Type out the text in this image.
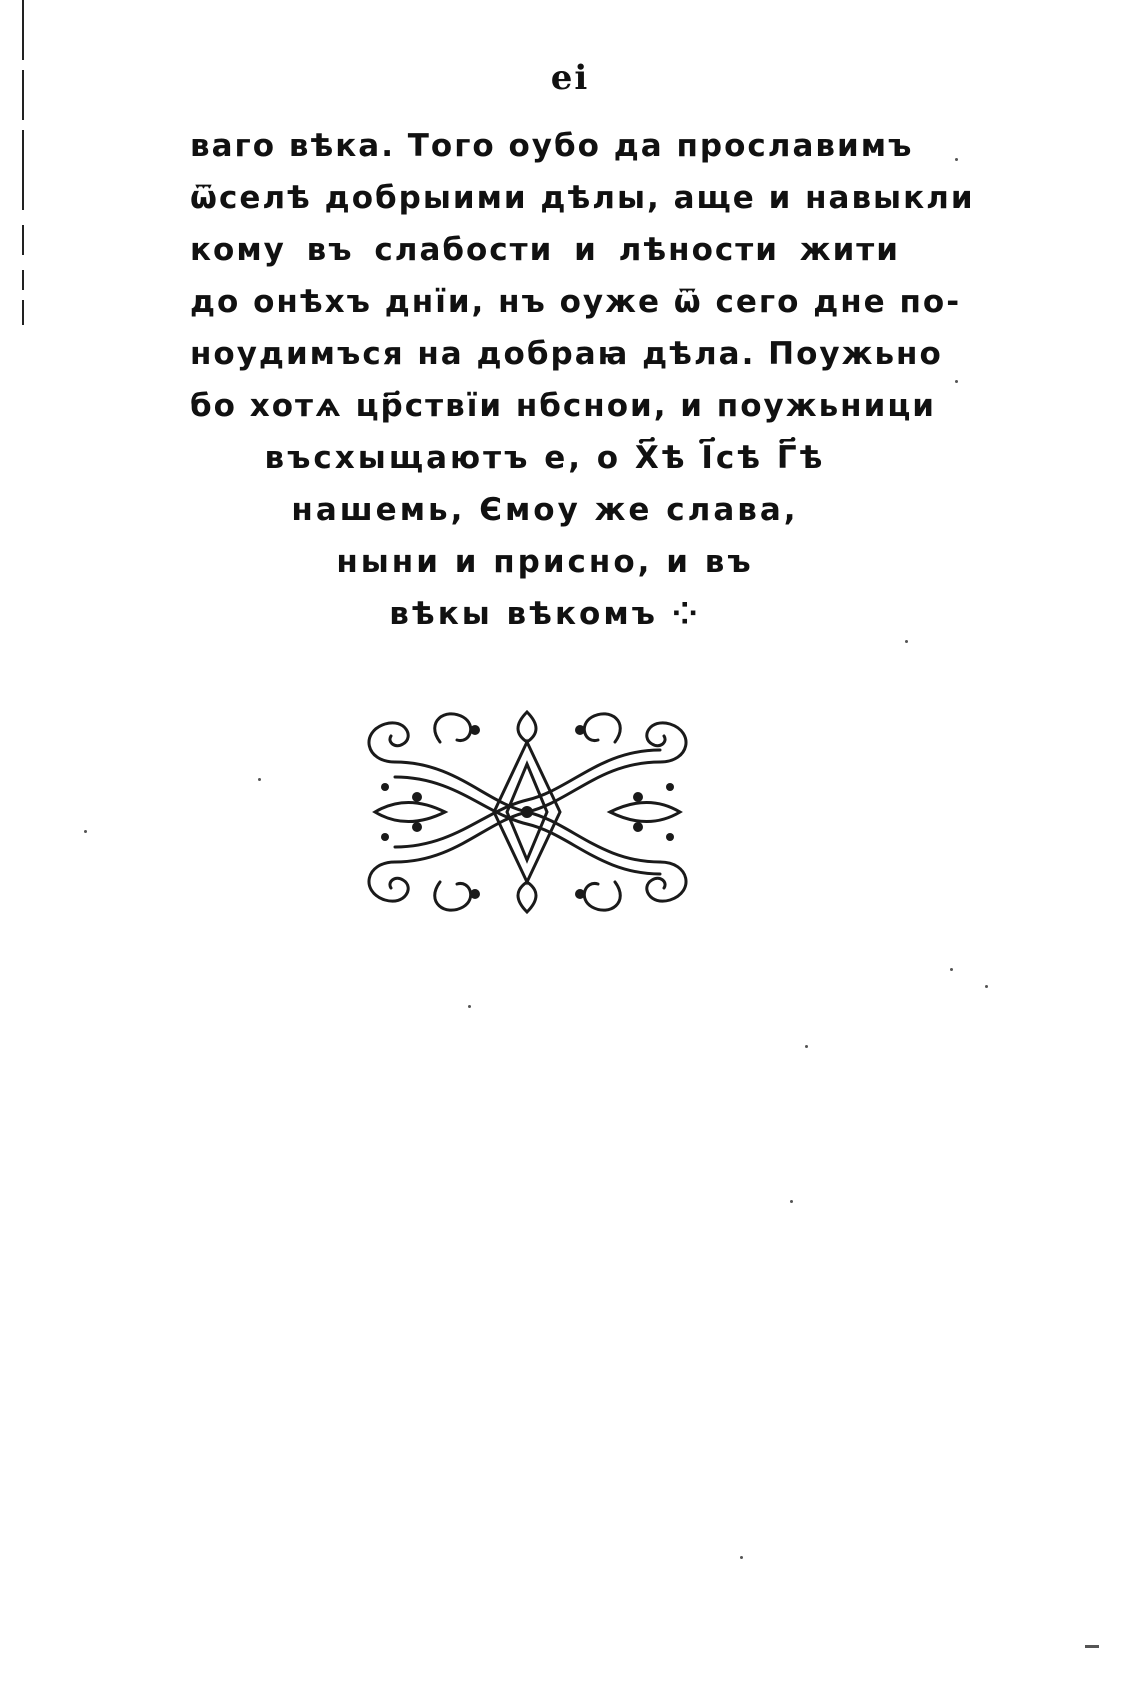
еі
ваго вѣка. Того оубо да прославимъ
ѿселѣ добрыими дѣлы, аще и навыкли
кому въ слабости и лѣности жити
до онѣхъ днїи, нъ оуже ѿ сего дне по-
ноудимъся на добраꙗ дѣла. Поужьно
бо хотѧ цр҃ствїи нбснои, и поужьници
въсхыщаютъ е, о Х҃ѣ І҃сѣ Г҃ѣ
нашемь, Ємоу же слава,
ныни и присно, и въ
вѣкы вѣкомъ ⁘
